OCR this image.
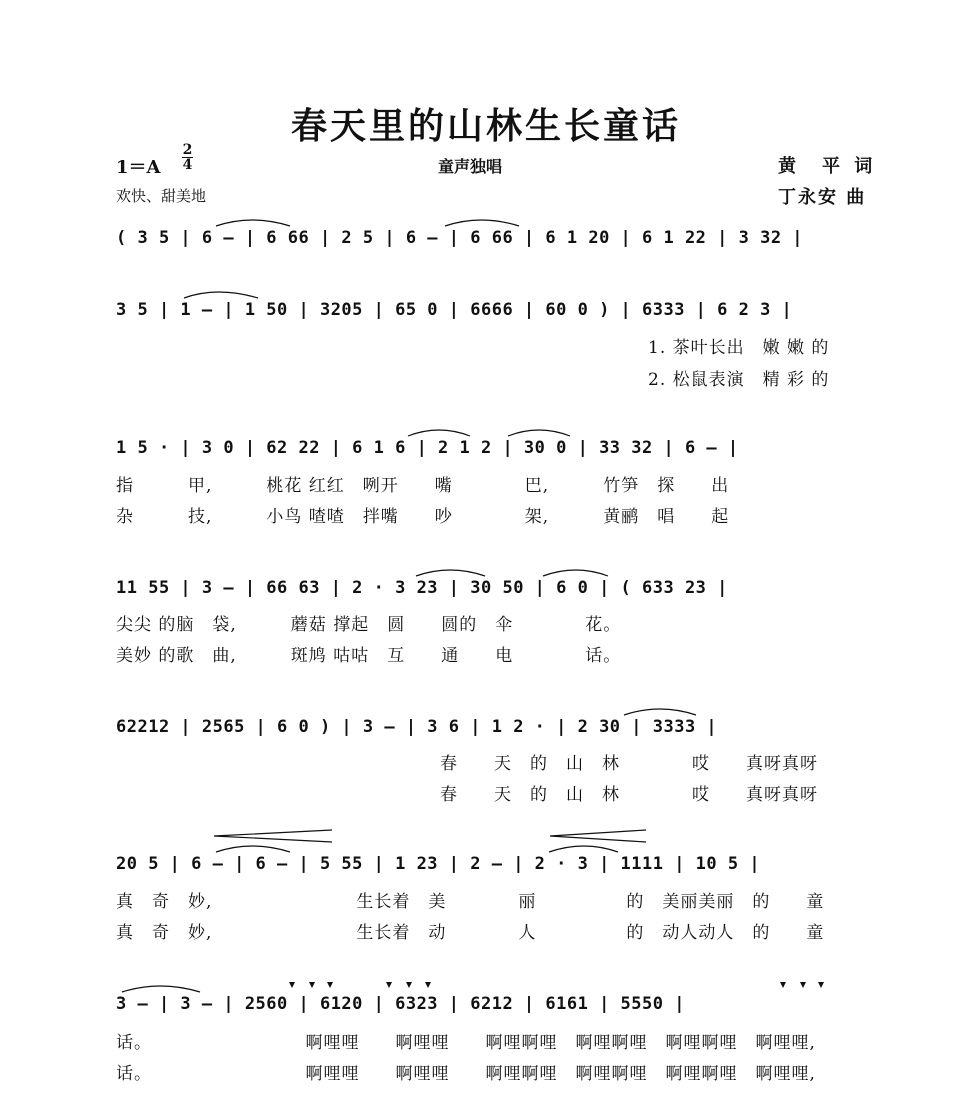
春天里的山林生长童话
1＝A
2
4	童声独唱	黄　平 词
欢快、甜美地	丁永安 曲
( 3 5 | 6 – | 6 66 | 2 5 | 6 – | 6 66 | 6 1 20 | 6 1 22 | 3 32 |
3 5 | 1 – | 1 50 | 3205 | 65 0 | 6666 | 60 0 ) | 6333 | 6 2 3 |
1. 茶叶长出　嫩 嫩 的
2. 松鼠表演　精 彩 的
1 5 · | 3 0 | 62 22 | 6 1 6 | 2 1 2 | 30 0 | 33 32 | 6 – |
指　　　甲,　　　桃花 红红　咧开　　嘴　　　　巴,　　　竹笋　探　　出
杂　　　技,　　　小鸟 喳喳　拌嘴　　吵　　　　架,　　　黄鹂　唱　　起
11 55 | 3 – | 66 63 | 2 · 3 23 | 30 50 | 6 0 | ( 633 23 |
尖尖 的脑　袋,　　　蘑菇 撑起　圆　　圆的　伞　　　　花。
美妙 的歌　曲,　　　斑鸠 咕咕　互　　通　　电　　　　话。
62212 | 2565 | 6 0 ) | 3 – | 3 6 | 1 2 · | 2 30 | 3333 |
　　　　　　　　　　　　　　　　　　春　　天　的　山　林　　　　哎　　真呀真呀
　　　　　　　　　　　　　　　　　　春　　天　的　山　林　　　　哎　　真呀真呀
20 5 | 6 – | 6 – | 5 55 | 1 23 | 2 – | 2 · 3 | 1111 | 10 5 |
真　奇　妙,　　　　　　　　生长着　美　　　　丽　　　　　的　美丽美丽　的　　童
真　奇　妙,　　　　　　　　生长着　动　　　　人　　　　　的　动人动人　的　　童
3 – | 3 – | 2560 | 6120 | 6323 | 6212 | 6161 | 5550 |
话。　　　　　　　　　啊哩哩　　啊哩哩　　啊哩啊哩　啊哩啊哩　啊哩啊哩　啊哩哩,
话。　　　　　　　　　啊哩哩　　啊哩哩　　啊哩啊哩　啊哩啊哩　啊哩啊哩　啊哩哩,
